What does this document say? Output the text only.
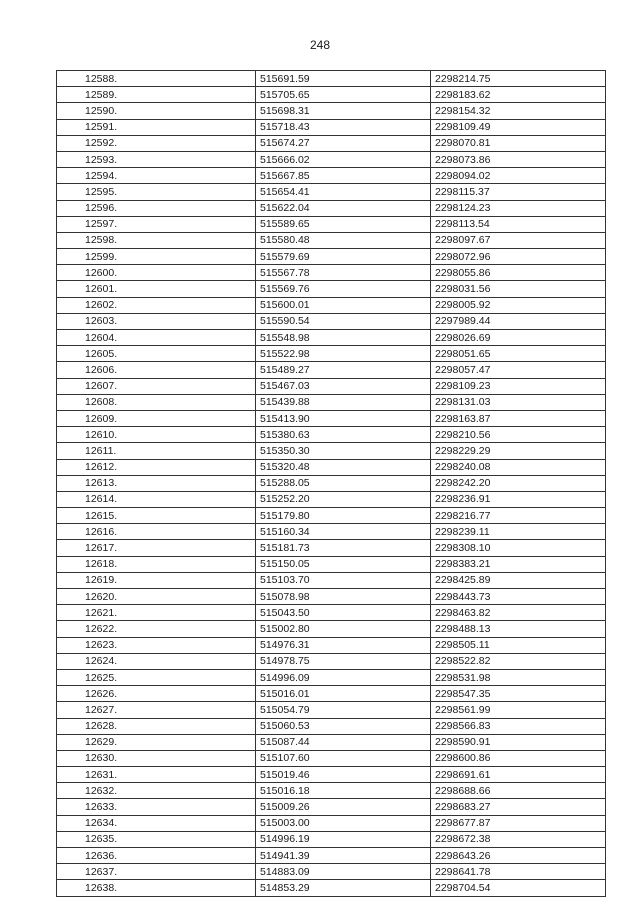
248
12588.	515691.59	2298214.75
12589.	515705.65	2298183.62
12590.	515698.31	2298154.32
12591.	515718.43	2298109.49
12592.	515674.27	2298070.81
12593.	515666.02	2298073.86
12594.	515667.85	2298094.02
12595.	515654.41	2298115.37
12596.	515622.04	2298124.23
12597.	515589.65	2298113.54
12598.	515580.48	2298097.67
12599.	515579.69	2298072.96
12600.	515567.78	2298055.86
12601.	515569.76	2298031.56
12602.	515600.01	2298005.92
12603.	515590.54	2297989.44
12604.	515548.98	2298026.69
12605.	515522.98	2298051.65
12606.	515489.27	2298057.47
12607.	515467.03	2298109.23
12608.	515439.88	2298131.03
12609.	515413.90	2298163.87
12610.	515380.63	2298210.56
12611.	515350.30	2298229.29
12612.	515320.48	2298240.08
12613.	515288.05	2298242.20
12614.	515252.20	2298236.91
12615.	515179.80	2298216.77
12616.	515160.34	2298239.11
12617.	515181.73	2298308.10
12618.	515150.05	2298383.21
12619.	515103.70	2298425.89
12620.	515078.98	2298443.73
12621.	515043.50	2298463.82
12622.	515002.80	2298488.13
12623.	514976.31	2298505.11
12624.	514978.75	2298522.82
12625.	514996.09	2298531.98
12626.	515016.01	2298547.35
12627.	515054.79	2298561.99
12628.	515060.53	2298566.83
12629.	515087.44	2298590.91
12630.	515107.60	2298600.86
12631.	515019.46	2298691.61
12632.	515016.18	2298688.66
12633.	515009.26	2298683.27
12634.	515003.00	2298677.87
12635.	514996.19	2298672.38
12636.	514941.39	2298643.26
12637.	514883.09	2298641.78
12638.	514853.29	2298704.54
